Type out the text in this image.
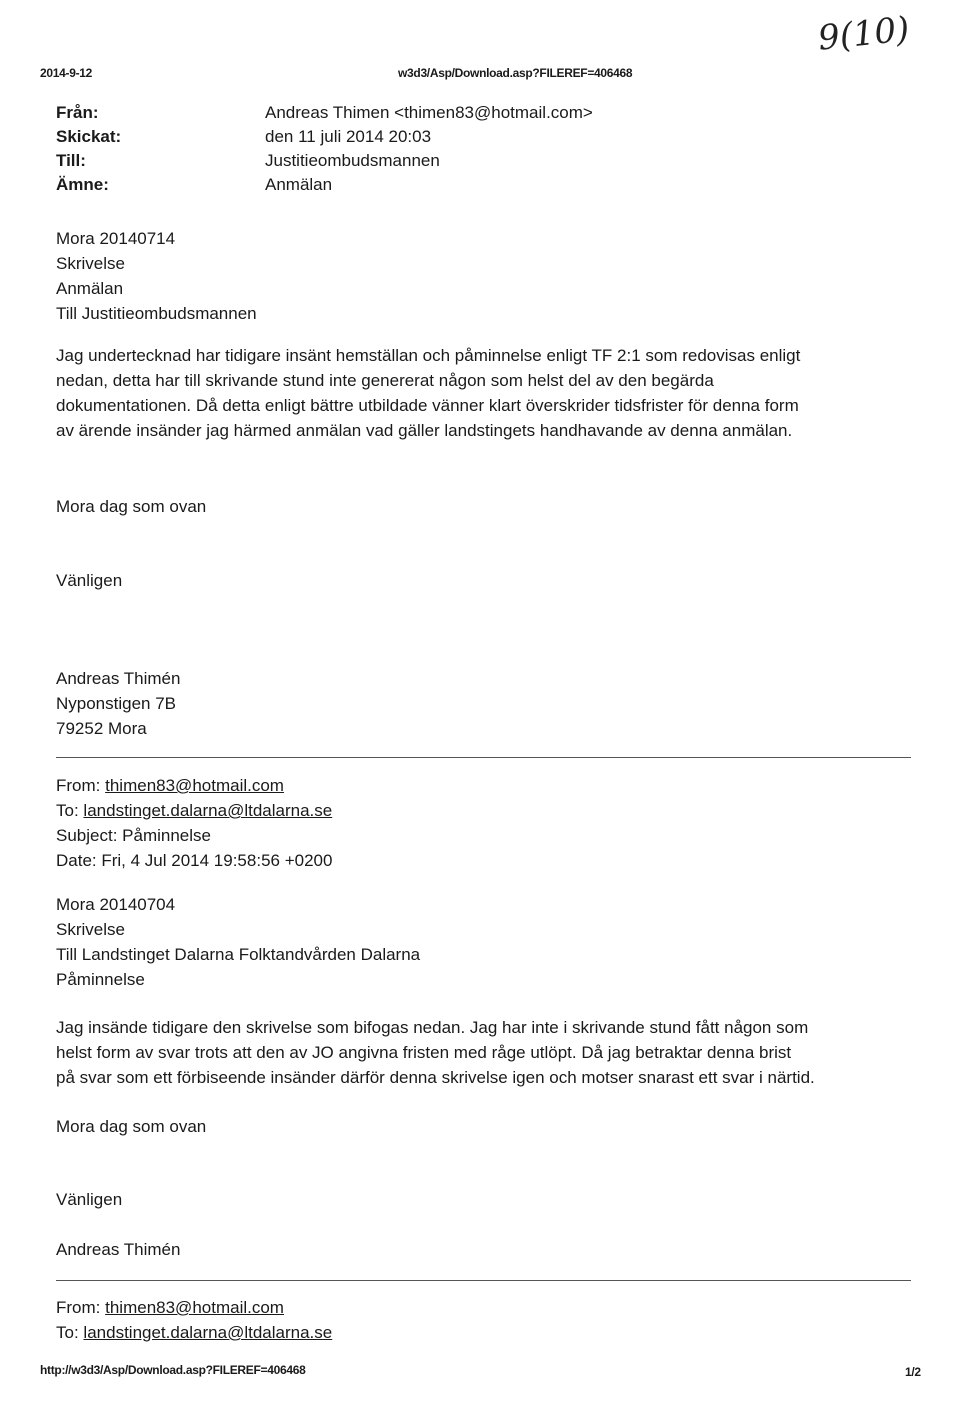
2014-9-12	w3d3/Asp/Download.asp?FILEREF=406468
9(10)
Från:	Andreas Thimen <thimen83@hotmail.com>
Skickat:	den 11 juli 2014 20:03
Till:	Justitieombudsmannen
Ämne:	Anmälan
Mora 20140714
Skrivelse
Anmälan
Till Justitieombudsmannen
Jag undertecknad har tidigare insänt hemställan och påminnelse enligt TF 2:1 som redovisas enligt
nedan, detta har till skrivande stund inte genererat någon som helst del av den begärda
dokumentationen. Då detta enligt bättre utbildade vänner klart överskrider tidsfrister för denna form
av ärende insänder jag härmed anmälan vad gäller landstingets handhavande av denna anmälan.
Mora dag som ovan
Vänligen
Andreas Thimén
Nyponstigen 7B
79252 Mora
From: thimen83@hotmail.com
To: landstinget.dalarna@ltdalarna.se
Subject: Påminnelse
Date: Fri, 4 Jul 2014 19:58:56 +0200
Mora 20140704
Skrivelse
Till Landstinget Dalarna Folktandvården Dalarna
Påminnelse
Jag insände tidigare den skrivelse som bifogas nedan. Jag har inte i skrivande stund fått någon som
helst form av svar trots att den av JO angivna fristen med råge utlöpt. Då jag betraktar denna brist
på svar som ett förbiseende insänder därför denna skrivelse igen och motser snarast ett svar i närtid.
Mora dag som ovan
Vänligen
Andreas Thimén
From: thimen83@hotmail.com
To: landstinget.dalarna@ltdalarna.se
http://w3d3/Asp/Download.asp?FILEREF=406468	1/2
